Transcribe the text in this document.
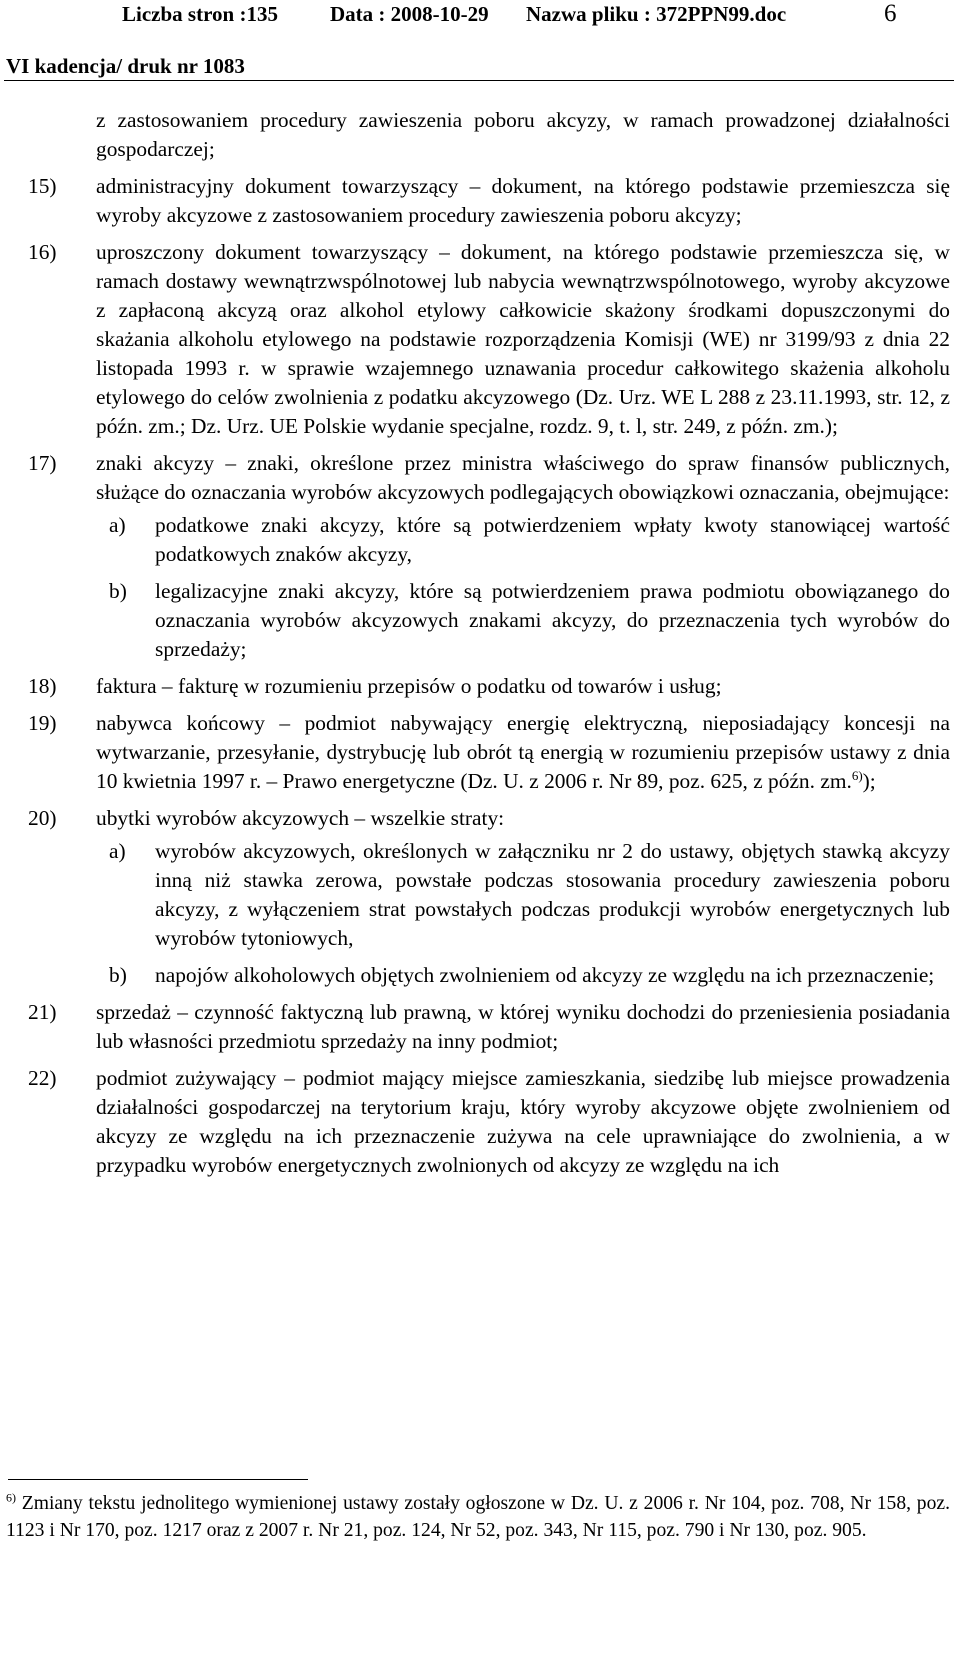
Liczba stron :135 Data : 2008-10-29 Nazwa pliku : 372PPN99.doc	6
VI kadencja/ druk nr 1083
z zastosowaniem procedury zawieszenia poboru akcyzy, w ramach prowadzonej działalności gospodarczej;
15)	administracyjny dokument towarzyszący – dokument, na którego podstawie przemieszcza się wyroby akcyzowe z zastosowaniem procedury zawieszenia poboru akcyzy;
16)	uproszczony dokument towarzyszący – dokument, na którego podstawie przemieszcza się, w ramach dostawy wewnątrzwspólnotowej lub nabycia wewnątrzwspólnotowego, wyroby akcyzowe z zapłaconą akcyzą oraz alkohol etylowy całkowicie skażony środkami dopuszczonymi do skażania alkoholu etylowego na podstawie rozporządzenia Komisji (WE) nr 3199/93 z dnia 22 listopada 1993 r. w sprawie wzajemnego uznawania procedur całkowitego skażenia alkoholu etylowego do celów zwolnienia z podatku akcyzowego (Dz. Urz. WE L 288 z 23.11.1993, str. 12, z późn. zm.; Dz. Urz. UE Polskie wydanie specjalne, rozdz. 9, t. l, str. 249, z późn. zm.);
17)	znaki akcyzy – znaki, określone przez ministra właściwego do spraw finansów publicznych, służące do oznaczania wyrobów akcyzowych podlegających obowiązkowi oznaczania, obejmujące:
a)	podatkowe znaki akcyzy, które są potwierdzeniem wpłaty kwoty stanowiącej wartość podatkowych znaków akcyzy,
b)	legalizacyjne znaki akcyzy, które są potwierdzeniem prawa podmiotu obowiązanego do oznaczania wyrobów akcyzowych znakami akcyzy, do przeznaczenia tych wyrobów do sprzedaży;
18)	faktura – fakturę w rozumieniu przepisów o podatku od towarów i usług;
19)	nabywca końcowy – podmiot nabywający energię elektryczną, nieposiadający koncesji na wytwarzanie, przesyłanie, dystrybucję lub obrót tą energią w rozumieniu przepisów ustawy z dnia 10 kwietnia 1997 r. – Prawo energetyczne (Dz. U. z 2006 r. Nr 89, poz. 625, z późn. zm.$^{6)}$);
20)	ubytki wyrobów akcyzowych – wszelkie straty:
a)	wyrobów akcyzowych, określonych w załączniku nr 2 do ustawy, objętych stawką akcyzy inną niż stawka zerowa, powstałe podczas stosowania procedury zawieszenia poboru akcyzy, z wyłączeniem strat powstałych podczas produkcji wyrobów energetycznych lub wyrobów tytoniowych,
b)	napojów alkoholowych objętych zwolnieniem od akcyzy ze względu na ich przeznaczenie;
21)	sprzedaż – czynność faktyczną lub prawną, w której wyniku dochodzi do przeniesienia posiadania lub własności przedmiotu sprzedaży na inny podmiot;
22)	podmiot zużywający – podmiot mający miejsce zamieszkania, siedzibę lub miejsce prowadzenia działalności gospodarczej na terytorium kraju, który wyroby akcyzowe objęte zwolnieniem od akcyzy ze względu na ich przeznaczenie zużywa na cele uprawniające do zwolnienia, a w przypadku wyrobów energetycznych zwolnionych od akcyzy ze względu na ich
$^{6)}$ Zmiany tekstu jednolitego wymienionej ustawy zostały ogłoszone w Dz. U. z 2006 r. Nr 104, poz. 708, Nr 158, poz. 1123 i Nr 170, poz. 1217 oraz z 2007 r. Nr 21, poz. 124, Nr 52, poz. 343, Nr 115, poz. 790 i Nr 130, poz. 905.
